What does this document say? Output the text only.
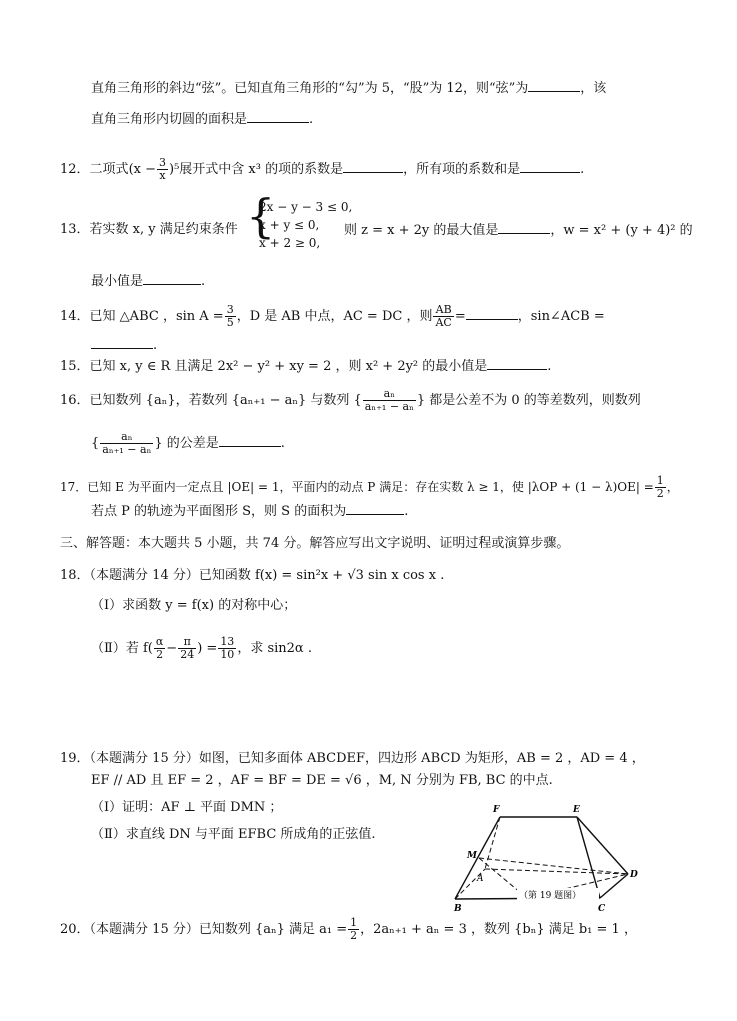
直角三角形的斜边“弦”。已知直角三角形的“勾”为 5，“股”为 12，则“弦”为	，该
直角三角形内切圆的面积是	.
12．二项式$(x - \frac{3}{x} )^5$展开式中含 x³ 的项的系数是	，所有项的系数和是	.
13．若实数 x, y 满足约束条件 {
2x − y − 3 ≤ 0,
x + y ≤ 0,
x + 2 ≥ 0,
则 z = x + 2y 的最大值是	，w = x² + (y + 4)² 的
最小值是	.
14．已知 △ABC ，$\sin A = \frac{3}{5}$ ，D 是 AB 中点，AC = DC ，则 $\frac{AB}{AC}$ =	，sin∠ACB =
.
15．已知 x, y ∈ R 且满足 2x² − y² + xy = 2 ，则 x² + 2y² 的最小值是	.
16．已知数列 {aₙ}，若数列 {aₙ₊₁ − aₙ} 与数列 { $\frac{\text{aₙ}}{\text{aₙ₊₁ − aₙ}}$ } 都是公差不为 0 的等差数列，则数列
{ $\frac{\text{aₙ}}{\text{aₙ₊₁ − aₙ}}$ } 的公差是	.
17．已知 E 为平面内一定点且 |OE| = 1，平面内的动点 P 满足：存在实数 λ ≥ 1，使 $|\lambda OP + (1 - \lambda)OE| = \frac{1}{2}$ ，
若点 P 的轨迹为平面图形 S，则 S 的面积为	.
三、解答题：本大题共 5 小题，共 74 分。解答应写出文字说明、证明过程或演算步骤。
18．（本题满分 14 分）已知函数 f(x) = sin²x + √3 sin x cos x .
（Ⅰ）求函数 y = f(x) 的对称中心；
（Ⅱ）若 $f( \frac{\alpha}{2} - \frac{\pi}{24}$ ) = $\frac{13}{10}$ ，求 sin2α .
19．（本题满分 15 分）如图，已知多面体 ABCDEF，四边形 ABCD 为矩形，AB = 2 ，AD = 4 ，
EF // AD 且 EF = 2 ，AF = BF = DE = √6 ，M, N 分别为 FB, BC 的中点.
（Ⅰ）证明：AF ⊥ 平面 DMN ；
（Ⅱ）求直线 DN 与平面 EFBC 所成角的正弦值.
F	E
M
A	D
B	C
（第 19 题图）
20．（本题满分 15 分）已知数列 {aₙ} 满足 $a_1 = \frac{1}{2}$ ，2aₙ₊₁ + aₙ = 3 ，数列 {bₙ} 满足 b₁ = 1 ，
